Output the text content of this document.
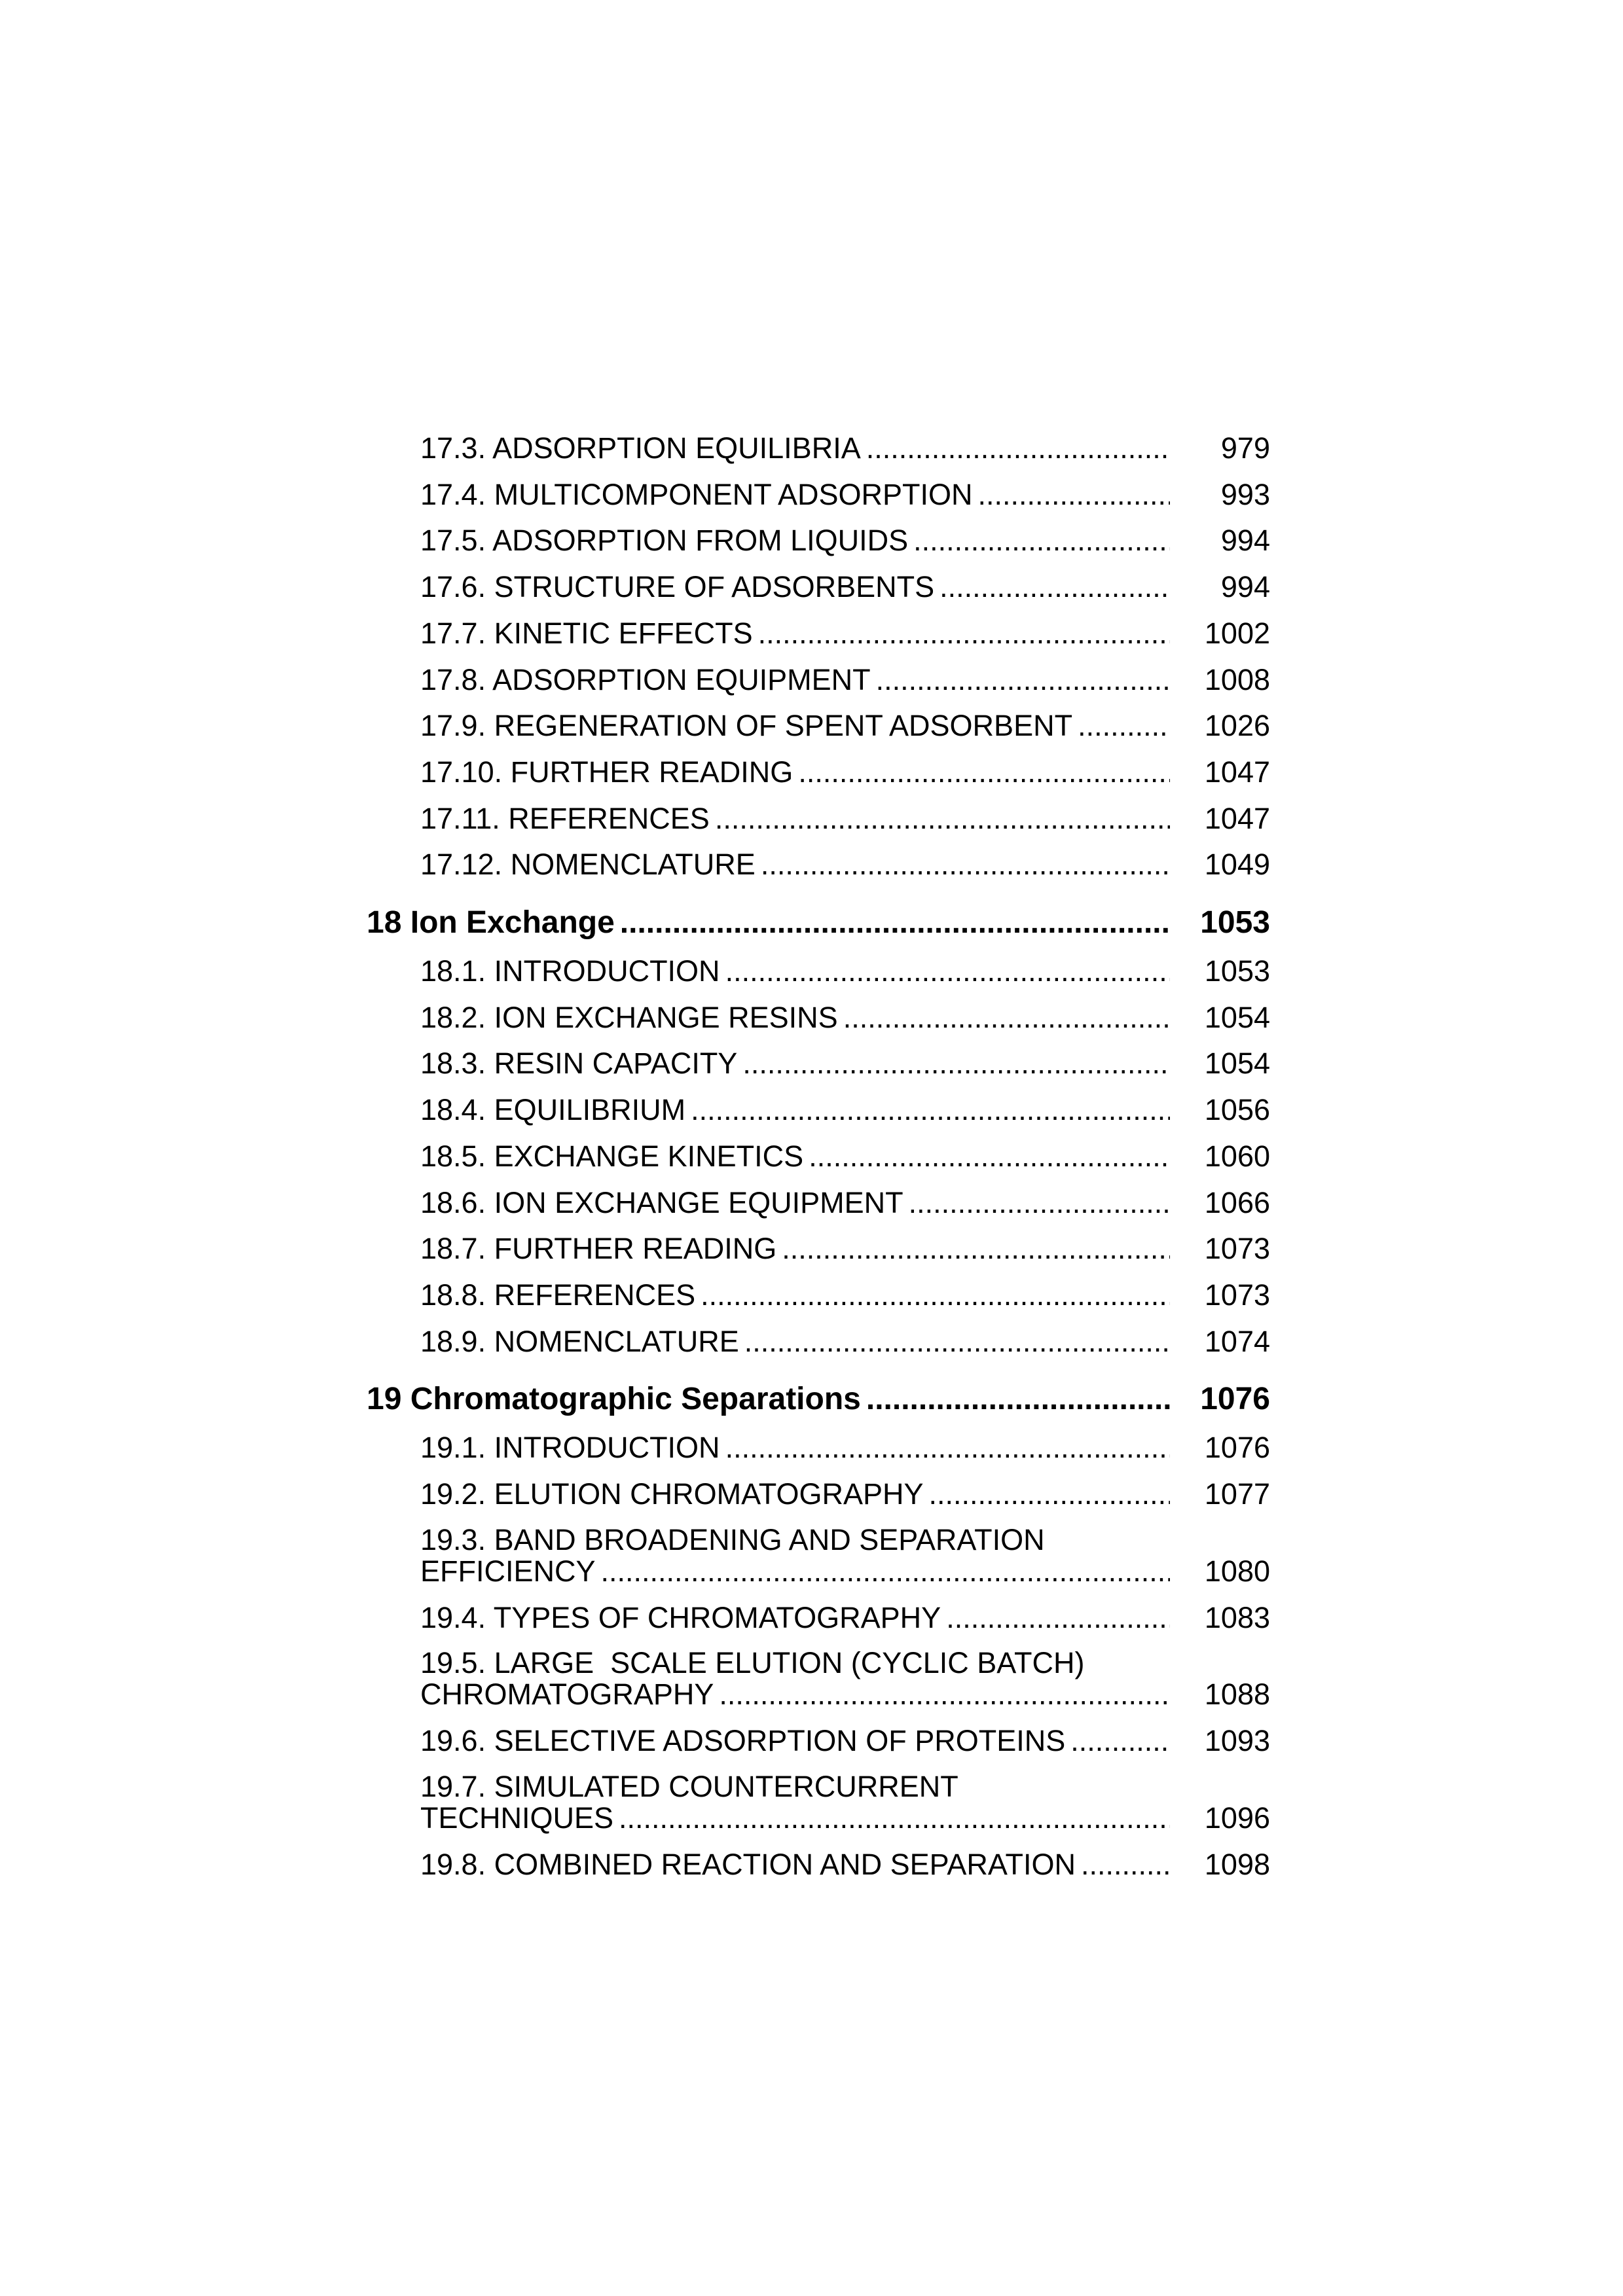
17.3. ADSORPTION EQUILIBRIA .....	979
17.4. MULTICOMPONENT ADSORPTION .....	993
17.5. ADSORPTION FROM LIQUIDS .....	994
17.6. STRUCTURE OF ADSORBENTS .....	994
17.7. KINETIC EFFECTS .....	1002
17.8. ADSORPTION EQUIPMENT .....	1008
17.9. REGENERATION OF SPENT ADSORBENT .....	1026
17.10. FURTHER READING .....	1047
17.11. REFERENCES .....	1047
17.12. NOMENCLATURE .....	1049
18 Ion Exchange .....	1053
18.1. INTRODUCTION .....	1053
18.2. ION EXCHANGE RESINS .....	1054
18.3. RESIN CAPACITY .....	1054
18.4. EQUILIBRIUM .....	1056
18.5. EXCHANGE KINETICS .....	1060
18.6. ION EXCHANGE EQUIPMENT .....	1066
18.7. FURTHER READING .....	1073
18.8. REFERENCES .....	1073
18.9. NOMENCLATURE .....	1074
19 Chromatographic Separations .....	1076
19.1. INTRODUCTION .....	1076
19.2. ELUTION CHROMATOGRAPHY .....	1077
19.3. BAND BROADENING AND SEPARATION
EFFICIENCY .....	1080
19.4. TYPES OF CHROMATOGRAPHY .....	1083
19.5. LARGE  SCALE ELUTION (CYCLIC BATCH)
CHROMATOGRAPHY .....	1088
19.6. SELECTIVE ADSORPTION OF PROTEINS .....	1093
19.7. SIMULATED COUNTERCURRENT
TECHNIQUES .....	1096
19.8. COMBINED REACTION AND SEPARATION .....	1098
